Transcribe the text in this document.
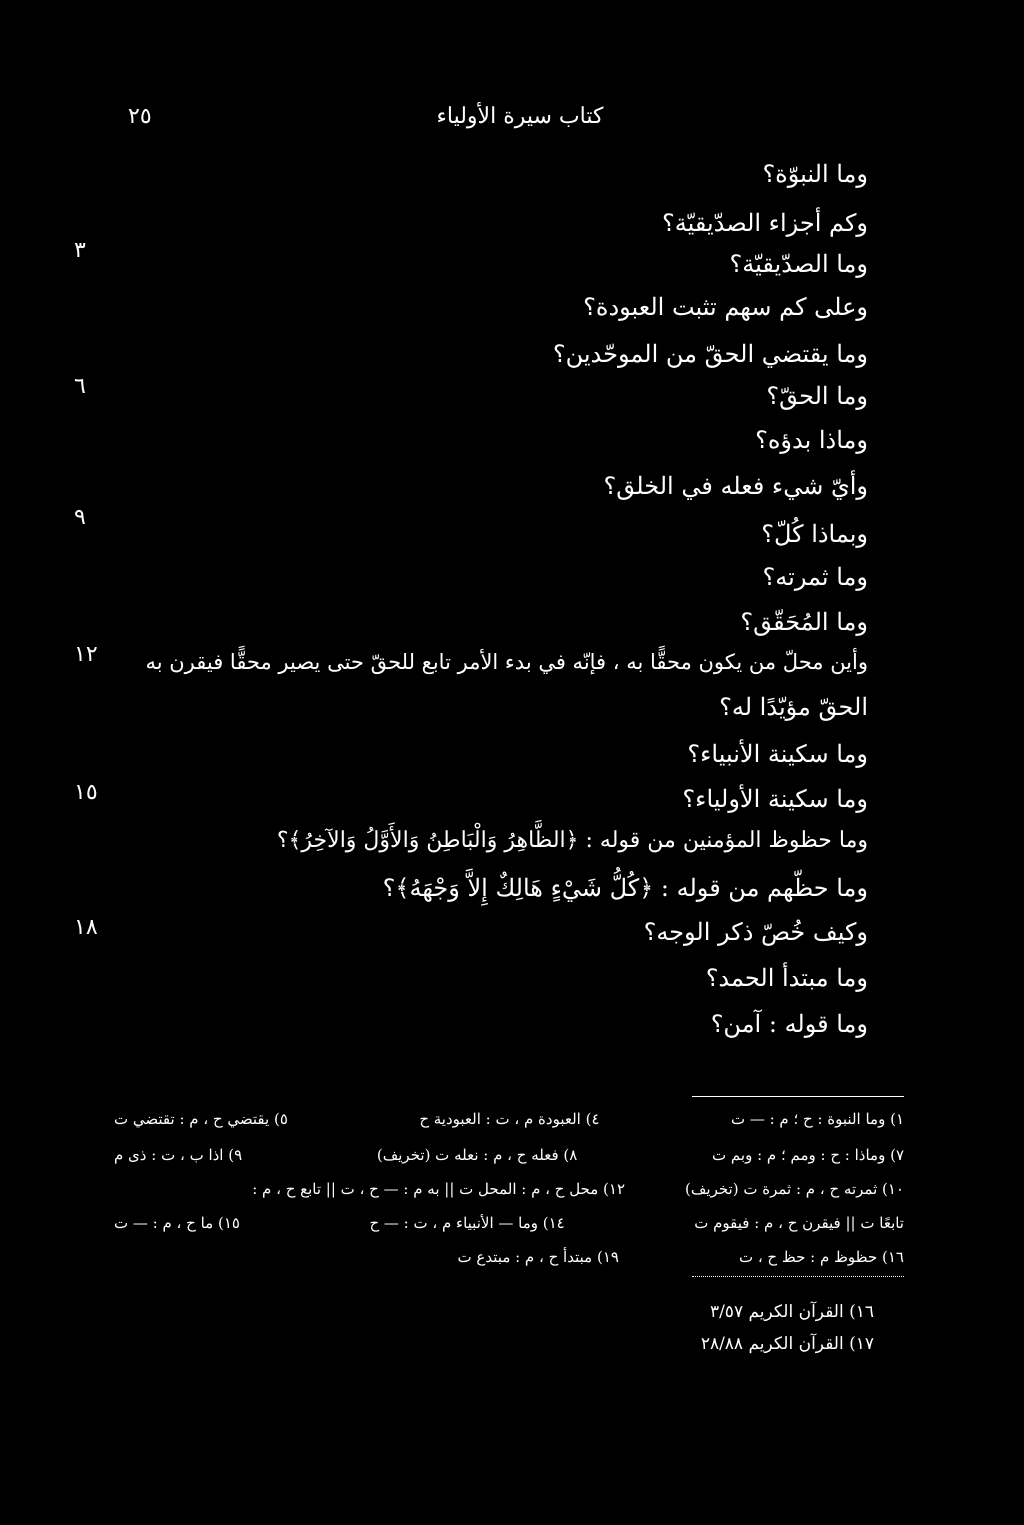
٢٥	كتاب سيرة الأولياء
وما النبوّة؟
وكم أجزاء الصدّيقيّة؟
وما الصدّيقيّة؟
وعلى كم سهم تثبت العبودة؟
وما يقتضي الحقّ من الموحّدين؟
وما الحقّ؟
وماذا بدؤه؟
وأيّ شيء فعله في الخلق؟
وبماذا كُلّ؟
وما ثمرته؟
وما المُحَقّق؟
وأين محلّ من يكون محقًّا به ، فإنّه في بدء الأمر تابع للحقّ حتى يصير محقًّا فيقرن به
الحقّ مؤيّدًا له؟
وما سكينة الأنبياء؟
وما سكينة الأولياء؟
وما حظوظ المؤمنين من قوله : ﴿الظَّاهِرُ وَالْبَاطِنُ وَالأَوَّلُ وَالآخِرُ﴾؟
وما حظّهم من قوله : ﴿كُلُّ شَيْءٍ هَالِكٌ إِلاَّ وَجْهَهُ﴾؟
وكيف خُصّ ذكر الوجه؟
وما مبتدأ الحمد؟
وما قوله : آمن؟
٣
٦
٩
١٢
١٥
١٨
١) وما النبوة : ح ؛ م : — ت
٤) العبودة م ، ت : العبودية ح
٥) يقتضي ح ، م : تقتضي ت
٧) وماذا : ح : ومم ؛ م : وبم ت
٨) فعله ح ، م : نعله ت (تخريف)
٩) اذا ب ، ت : ذى م
١٠) ثمرته ح ، م : ثمرة ت (تخريف)
١٢) محل ح ، م : المحل ت || به م : — ح ، ت || تابع ح ، م :
تابعًا ت || فيقرن ح ، م : فيقوم ت
١٤) وما — الأنبياء م ، ت : — ح
١٥) ما ح ، م : — ت
١٦) حظوظ م : حظ ح ، ت
١٩) مبتدأ ح ، م : مبتدع ت
١٦) القرآن الكريم ٣/٥٧
١٧) القرآن الكريم ٢٨/٨٨
